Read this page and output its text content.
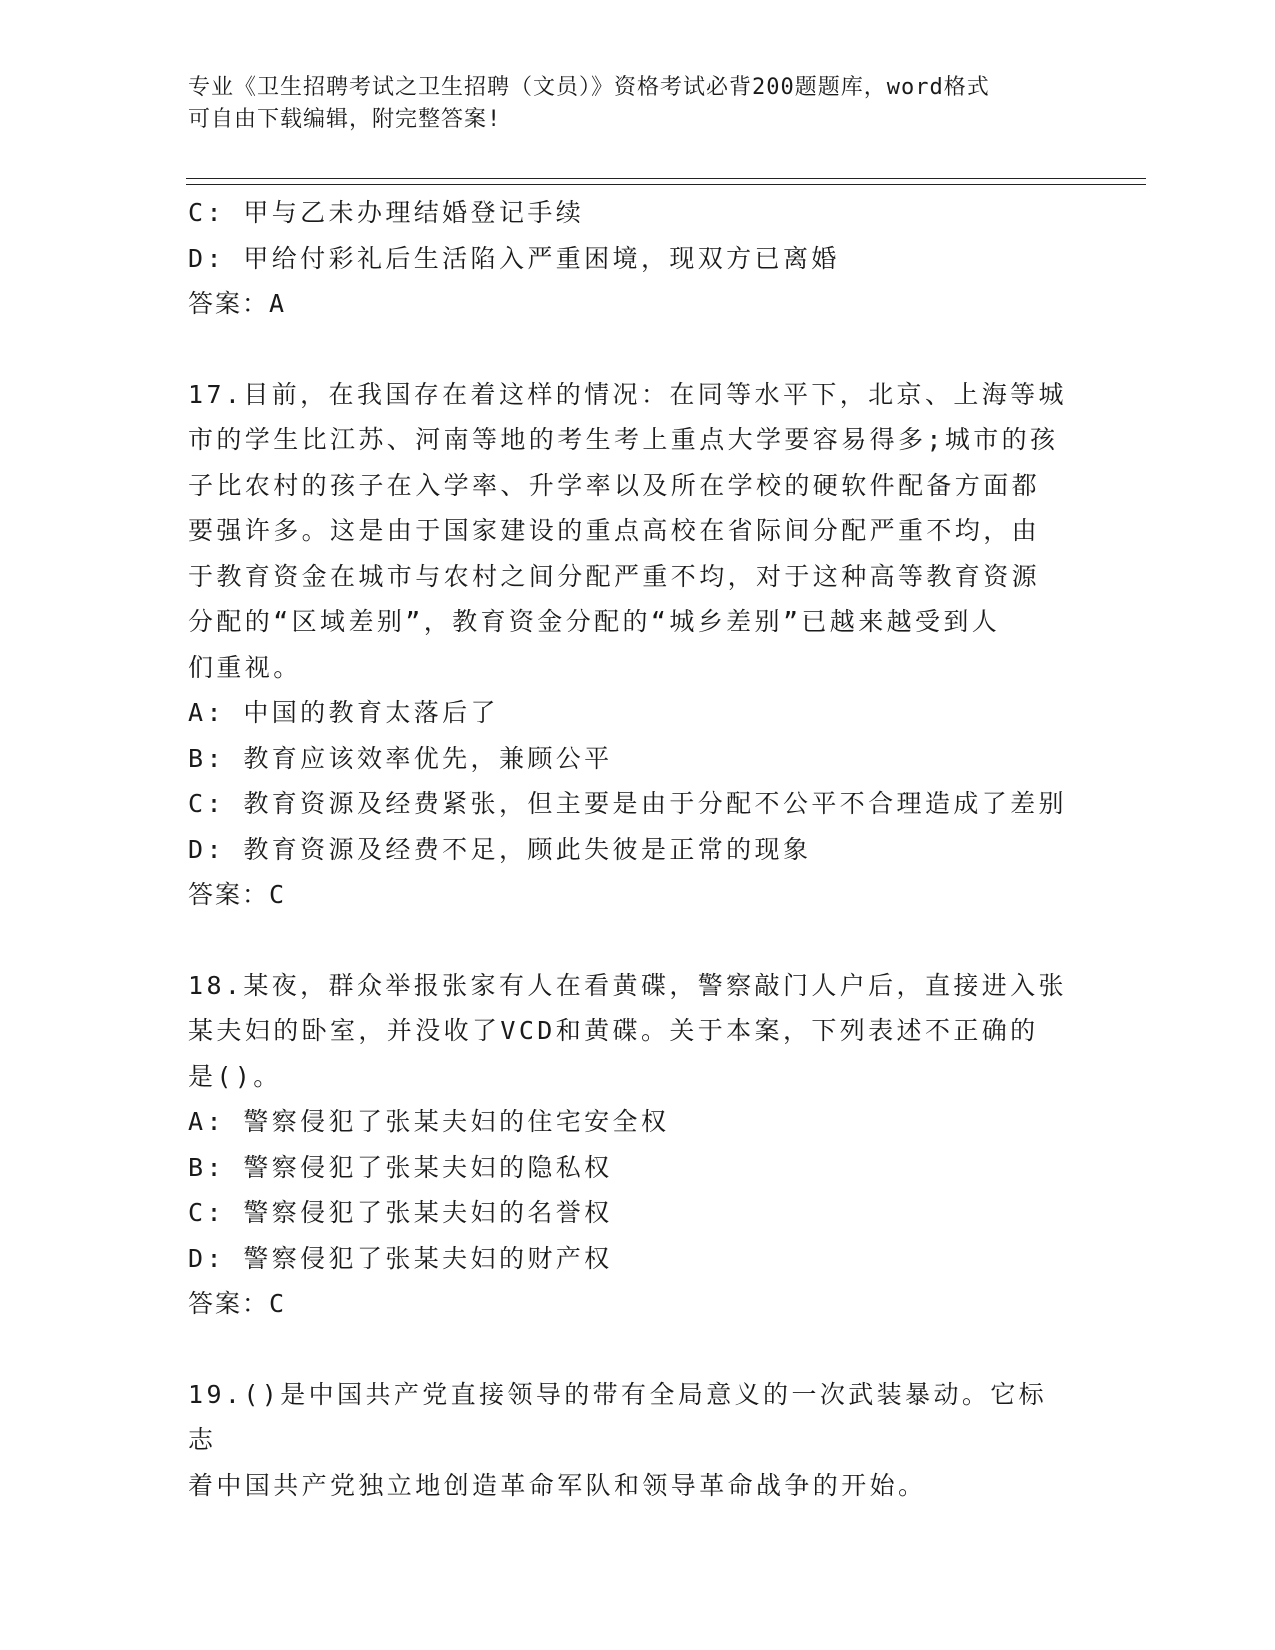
专业《卫生招聘考试之卫生招聘（文员）》资格考试必背200题题库，word格式
可自由下载编辑，附完整答案!

C: 甲与乙未办理结婚登记手续

D: 甲给付彩礼后生活陷入严重困境，现双方已离婚

答案：A

17.目前，在我国存在着这样的情况：在同等水平下，北京、上海等城

市的学生比江苏、河南等地的考生考上重点大学要容易得多;城市的孩

子比农村的孩子在入学率、升学率以及所在学校的硬软件配备方面都

要强许多。这是由于国家建设的重点高校在省际间分配严重不均，由

于教育资金在城市与农村之间分配严重不均，对于这种高等教育资源

分配的“区域差别”，教育资金分配的“城乡差别”已越来越受到人

们重视。

A: 中国的教育太落后了

B: 教育应该效率优先，兼顾公平

C: 教育资源及经费紧张，但主要是由于分配不公平不合理造成了差别

D: 教育资源及经费不足，顾此失彼是正常的现象

答案：C

18.某夜，群众举报张家有人在看黄碟，警察敲门人户后，直接进入张

某夫妇的卧室，并没收了VCD和黄碟。关于本案，下列表述不正确的

是()。

A: 警察侵犯了张某夫妇的住宅安全权

B: 警察侵犯了张某夫妇的隐私权

C: 警察侵犯了张某夫妇的名誉权

D: 警察侵犯了张某夫妇的财产权

答案：C

19.()是中国共产党直接领导的带有全局意义的一次武装暴动。它标志

着中国共产党独立地创造革命军队和领导革命战争的开始。
